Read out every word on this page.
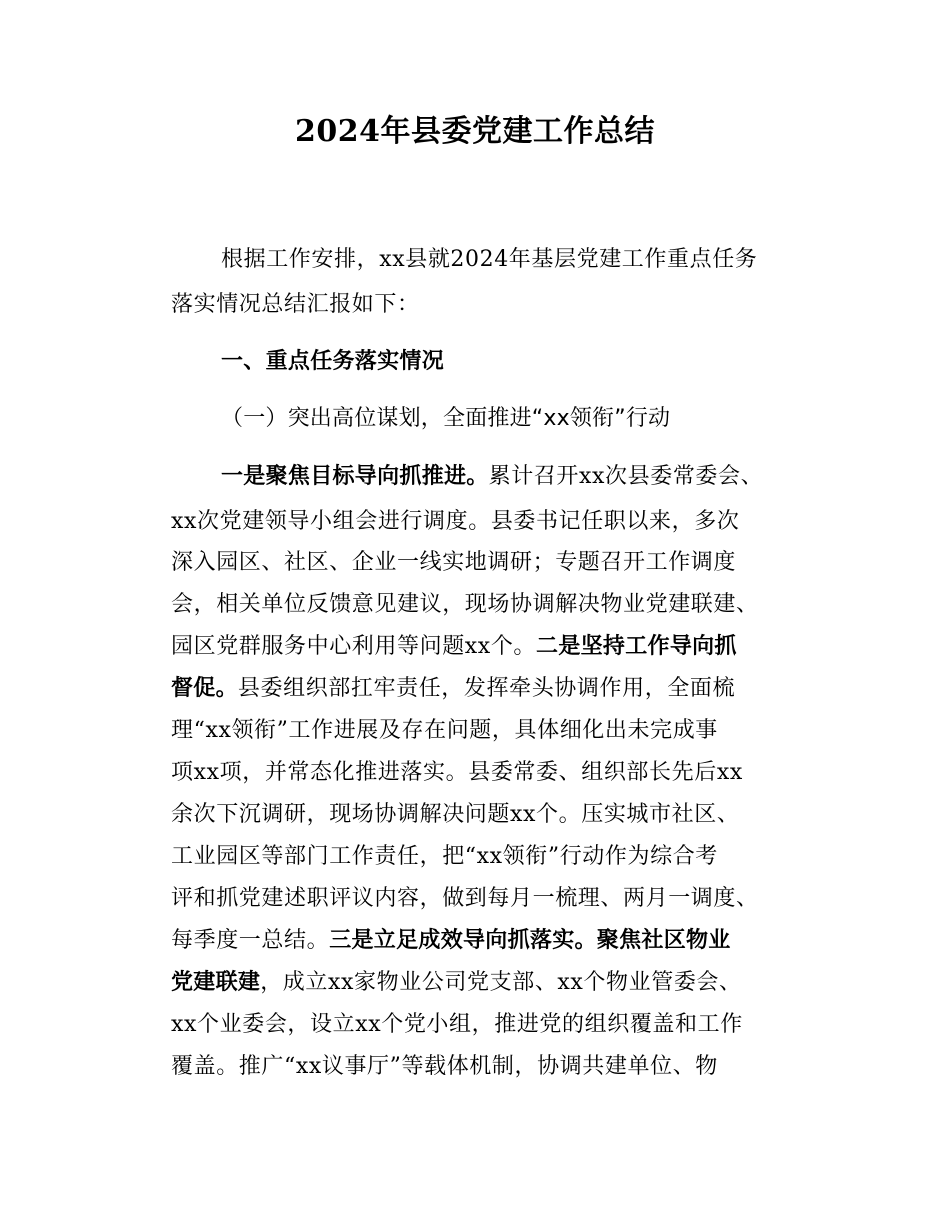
2024年县委党建工作总结
根据工作安排，xx县就2024年基层党建工作重点任务
落实情况总结汇报如下：
一、重点任务落实情况
（一）突出高位谋划，全面推进“xx领衔”行动
一是聚焦目标导向抓推进。累计召开xx次县委常委会、
xx次党建领导小组会进行调度。县委书记任职以来，多次
深入园区、社区、企业一线实地调研；专题召开工作调度
会，相关单位反馈意见建议，现场协调解决物业党建联建、
园区党群服务中心利用等问题xx个。二是坚持工作导向抓
督促。县委组织部扛牢责任，发挥牵头协调作用，全面梳
理“xx领衔”工作进展及存在问题，具体细化出未完成事
项xx项，并常态化推进落实。县委常委、组织部长先后xx
余次下沉调研，现场协调解决问题xx个。压实城市社区、
工业园区等部门工作责任，把“xx领衔”行动作为综合考
评和抓党建述职评议内容，做到每月一梳理、两月一调度、
每季度一总结。三是立足成效导向抓落实。聚焦社区物业
党建联建，成立xx家物业公司党支部、xx个物业管委会、
xx个业委会，设立xx个党小组，推进党的组织覆盖和工作
覆盖。推广“xx议事厅”等载体机制，协调共建单位、物
